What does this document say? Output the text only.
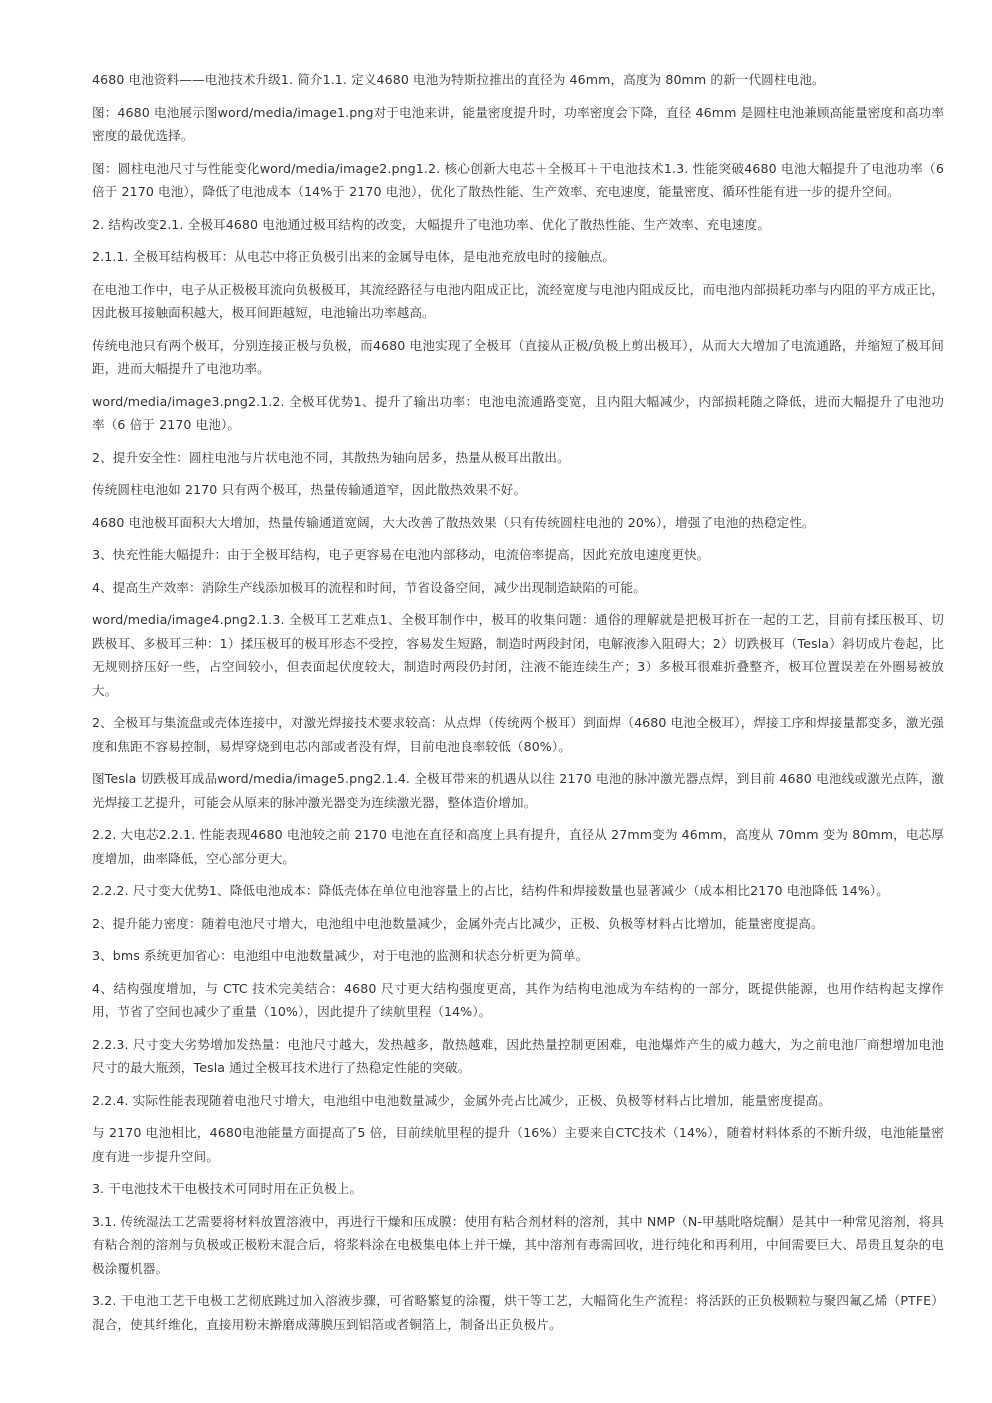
4680 电池资料——电池技术升级1. 简介1.1. 定义4680 电池为特斯拉推出的直径为 46mm，高度为 80mm 的新一代圆柱电池。

图：4680 电池展示图word/media/image1.png对于电池来讲，能量密度提升时，功率密度会下降，直径 46mm 是圆柱电池兼顾高能量密度和高功率密度的最优选择。

图：圆柱电池尺寸与性能变化word/media/image2.png1.2. 核心创新大电芯＋全极耳＋干电池技术1.3. 性能突破4680 电池大幅提升了电池功率（6 倍于 2170 电池），降低了电池成本（14%于 2170 电池），优化了散热性能、生产效率、充电速度，能量密度、循环性能有进一步的提升空间。

2. 结构改变2.1. 全极耳4680 电池通过极耳结构的改变，大幅提升了电池功率、优化了散热性能、生产效率、充电速度。

2.1.1. 全极耳结构极耳：从电芯中将正负极引出来的金属导电体，是电池充放电时的接触点。

在电池工作中，电子从正极极耳流向负极极耳，其流经路径与电池内阻成正比，流经宽度与电池内阻成反比，而电池内部损耗功率与内阻的平方成正比，因此极耳接触面积越大，极耳间距越短，电池输出功率越高。

传统电池只有两个极耳，分别连接正极与负极，而4680 电池实现了全极耳（直接从正极/负极上剪出极耳），从而大大增加了电流通路，并缩短了极耳间距，进而大幅提升了电池功率。

word/media/image3.png2.1.2. 全极耳优势1、提升了输出功率：电池电流通路变宽，且内阻大幅减少，内部损耗随之降低，进而大幅提升了电池功率（6 倍于 2170 电池）。

2、提升安全性：圆柱电池与片状电池不同，其散热为轴向居多，热量从极耳出散出。

传统圆柱电池如 2170 只有两个极耳，热量传输通道窄，因此散热效果不好。

4680 电池极耳面积大大增加，热量传输通道宽阔，大大改善了散热效果（只有传统圆柱电池的 20%），增强了电池的热稳定性。

3、快充性能大幅提升：由于全极耳结构，电子更容易在电池内部移动，电流倍率提高，因此充放电速度更快。

4、提高生产效率：消除生产线添加极耳的流程和时间，节省设备空间，减少出现制造缺陷的可能。

word/media/image4.png2.1.3. 全极耳工艺难点1、全极耳制作中，极耳的收集问题：通俗的理解就是把极耳折在一起的工艺，目前有揉压极耳、切跌极耳、多极耳三种：1）揉压极耳的极耳形态不受控，容易发生短路，制造时两段封闭，电解液渗入阻碍大；2）切跌极耳（Tesla）斜切成片卷起，比无规则挤压好一些，占空间较小，但表面起伏度较大，制造时两段仍封闭，注液不能连续生产；3）多极耳很难折叠整齐，极耳位置误差在外圈易被放大。

2、全极耳与集流盘或壳体连接中，对激光焊接技术要求较高：从点焊（传统两个极耳）到面焊（4680 电池全极耳），焊接工序和焊接量都变多，激光强度和焦距不容易控制，易焊穿烧到电芯内部或者没有焊，目前电池良率较低（80%）。

图Tesla 切跌极耳成品word/media/image5.png2.1.4. 全极耳带来的机遇从以往 2170 电池的脉冲激光器点焊，到目前 4680 电池线或激光点阵，激光焊接工艺提升，可能会从原来的脉冲激光器变为连续激光器，整体造价增加。

2.2. 大电芯2.2.1. 性能表现4680 电池较之前 2170 电池在直径和高度上具有提升，直径从 27mm变为 46mm，高度从 70mm 变为 80mm，电芯厚度增加，曲率降低，空心部分更大。

2.2.2. 尺寸变大优势1、降低电池成本：降低壳体在单位电池容量上的占比，结构件和焊接数量也显著减少（成本相比2170 电池降低 14%）。

2、提升能力密度：随着电池尺寸增大，电池组中电池数量减少，金属外壳占比减少，正极、负极等材料占比增加，能量密度提高。

3、bms 系统更加省心：电池组中电池数量减少，对于电池的监测和状态分析更为简单。

4、结构强度增加，与 CTC 技术完美结合：4680 尺寸更大结构强度更高，其作为结构电池成为车结构的一部分，既提供能源，也用作结构起支撑作用，节省了空间也减少了重量（10%），因此提升了续航里程（14%）。

2.2.3. 尺寸变大劣势增加发热量：电池尺寸越大，发热越多，散热越难，因此热量控制更困难，电池爆炸产生的威力越大，为之前电池厂商想增加电池尺寸的最大瓶颈，Tesla 通过全极耳技术进行了热稳定性能的突破。

2.2.4. 实际性能表现随着电池尺寸增大，电池组中电池数量减少，金属外壳占比减少，正极、负极等材料占比增加，能量密度提高。

与 2170 电池相比，4680电池能量方面提高了5 倍，目前续航里程的提升（16%）主要来自CTC技术（14%），随着材料体系的不断升级，电池能量密度有进一步提升空间。

3. 干电池技术干电极技术可同时用在正负极上。

3.1. 传统湿法工艺需要将材料放置溶液中，再进行干燥和压成膜：使用有粘合剂材料的溶剂，其中 NMP（N-甲基吡咯烷酮）是其中一种常见溶剂，将具有粘合剂的溶剂与负极或正极粉末混合后，将浆料涂在电极集电体上并干燥，其中溶剂有毒需回收，进行纯化和再利用，中间需要巨大、昂贵且复杂的电极涂覆机器。

3.2. 干电池工艺干电极工艺彻底跳过加入溶液步骤，可省略繁复的涂覆，烘干等工艺，大幅简化生产流程：将活跃的正负极颗粒与聚四氟乙烯（PTFE）混合，使其纤维化，直接用粉末擀磨成薄膜压到铝箔或者铜箔上，制备出正负极片。
